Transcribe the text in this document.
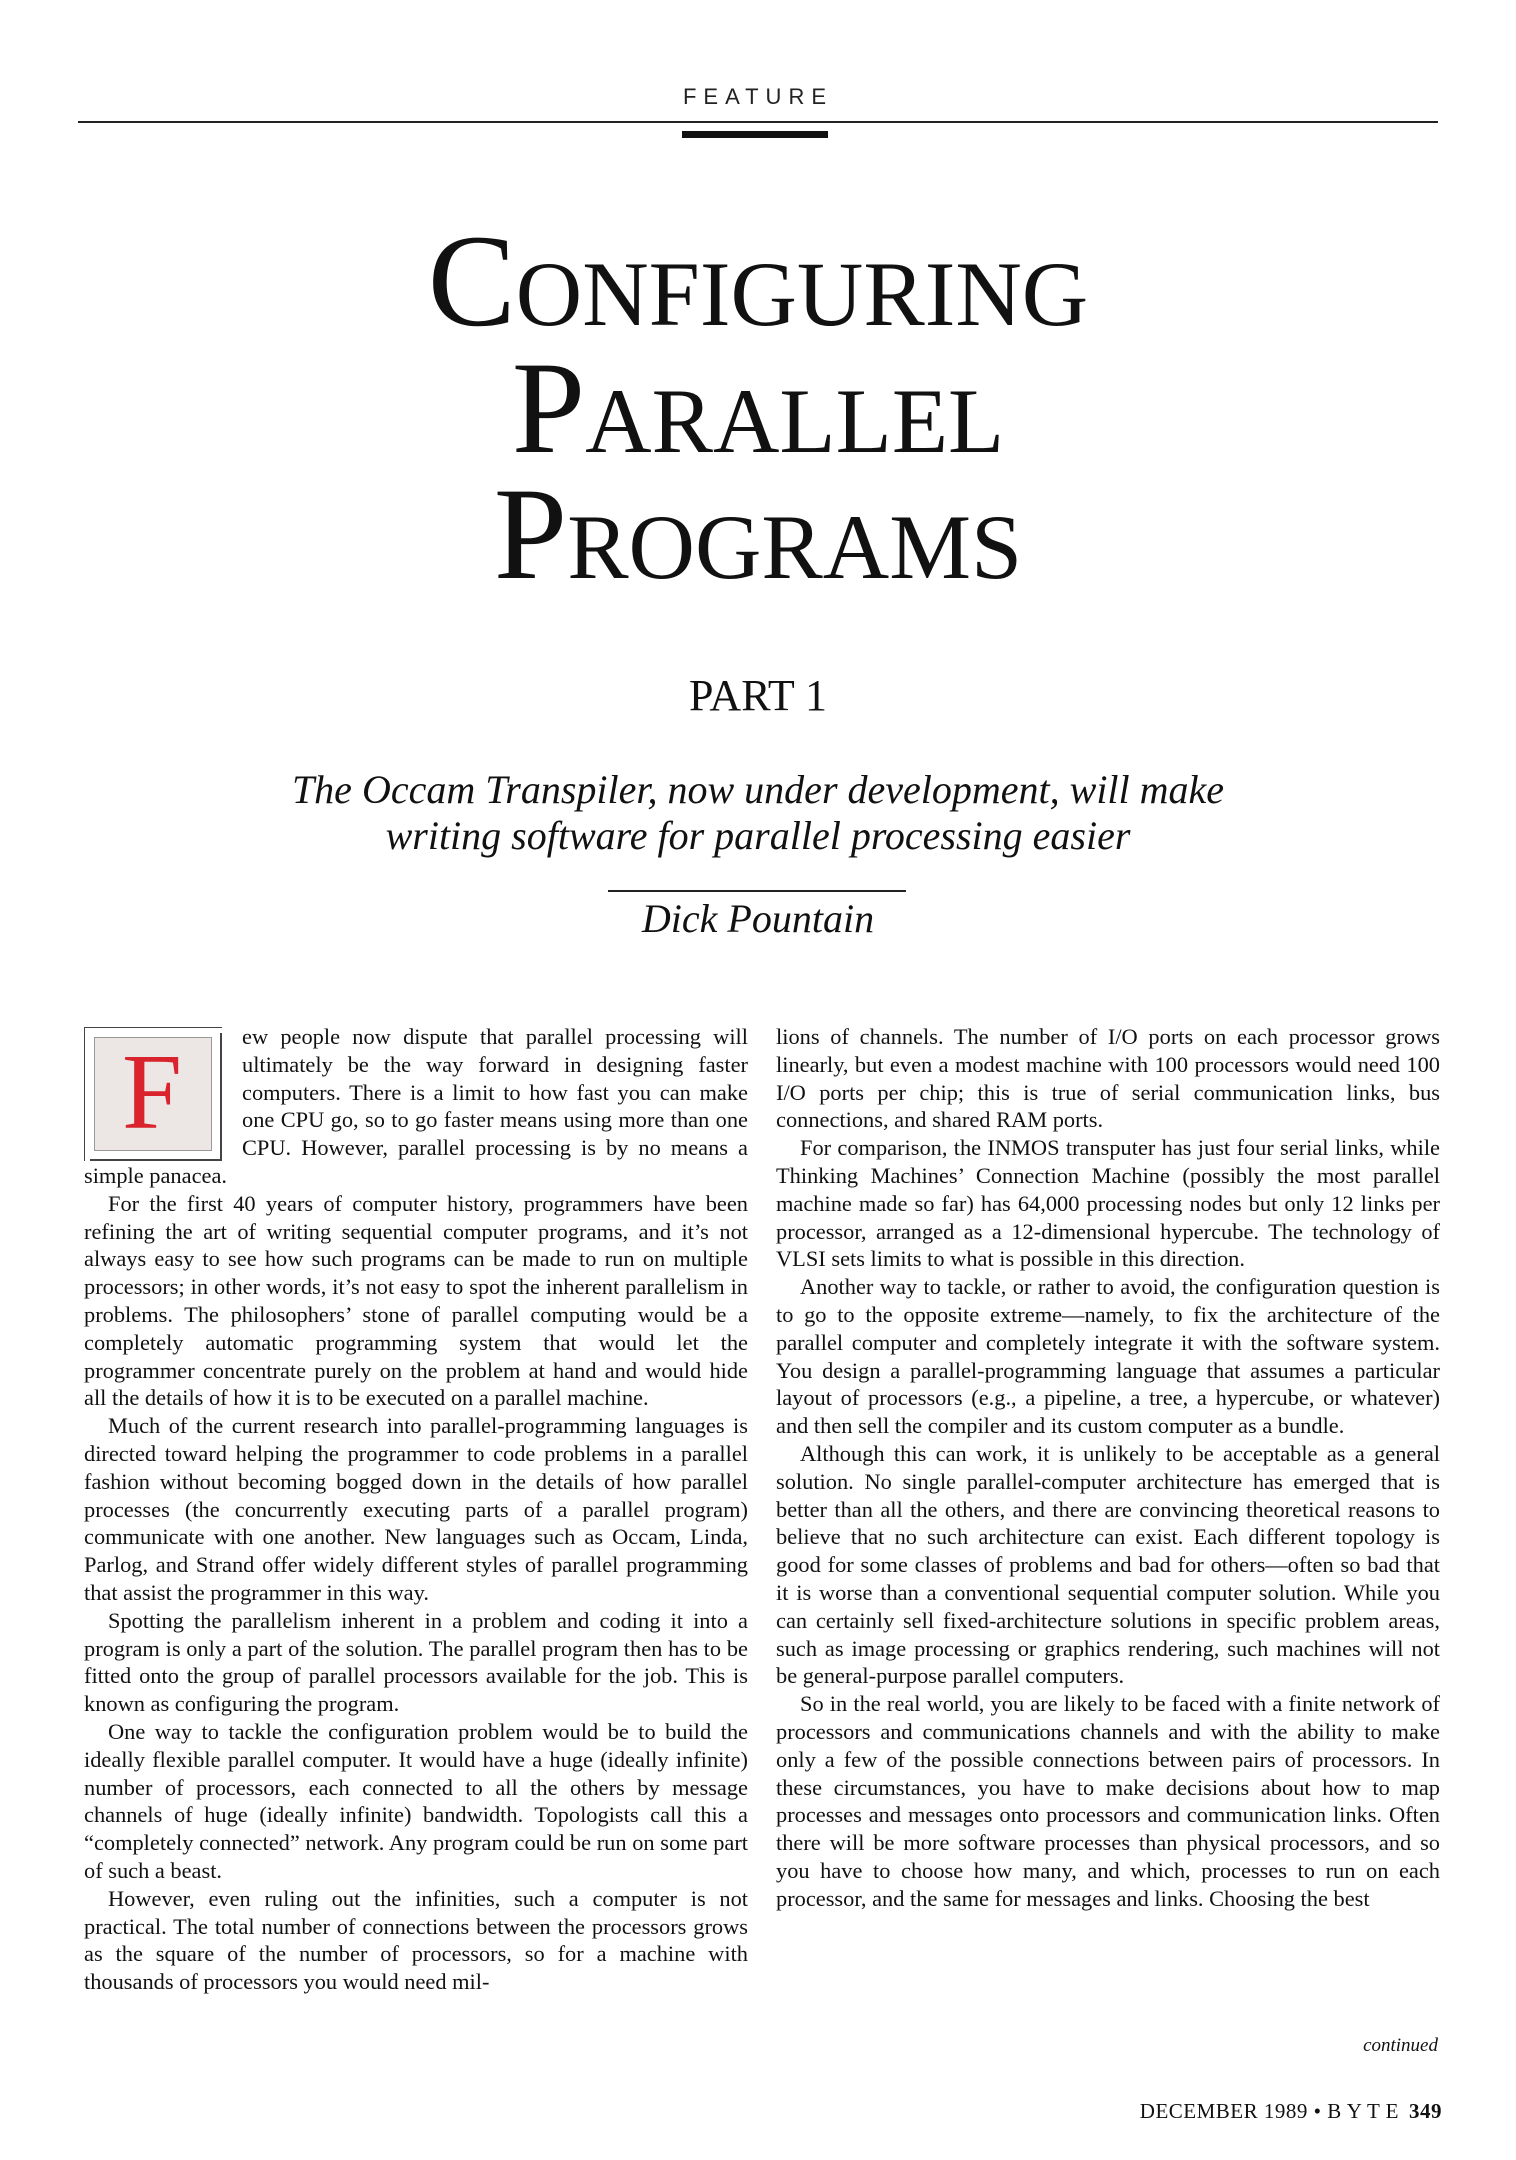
FEATURE
Configuring
Parallel
Programs
PART 1
The Occam Transpiler, now under development, will make
writing software for parallel processing easier
Dick Pountain
F	ew people now dispute that parallel processing will ultimately be the way forward in designing faster computers. There is a limit to how fast you can make one CPU go, so to go faster means using more than one CPU. However, parallel processing is by no means a simple panacea.

For the first 40 years of computer history, programmers have been refining the art of writing sequential computer programs, and it’s not always easy to see how such programs can be made to run on multiple processors; in other words, it’s not easy to spot the inherent parallelism in problems. The philosophers’ stone of parallel computing would be a completely automatic programming system that would let the programmer concentrate purely on the problem at hand and would hide all the details of how it is to be executed on a parallel machine.

Much of the current research into parallel-programming languages is directed toward helping the programmer to code problems in a parallel fashion without becoming bogged down in the details of how parallel processes (the concurrently executing parts of a parallel program) communicate with one another. New languages such as Occam, Linda, Parlog, and Strand offer widely different styles of parallel programming that assist the programmer in this way.

Spotting the parallelism inherent in a problem and coding it into a program is only a part of the solution. The parallel program then has to be fitted onto the group of parallel processors available for the job. This is known as configuring the program.

One way to tackle the configuration problem would be to build the ideally flexible parallel computer. It would have a huge (ideally infinite) number of processors, each connected to all the others by message channels of huge (ideally infinite) bandwidth. Topologists call this a “completely connected” network. Any program could be run on some part of such a beast.

However, even ruling out the infinities, such a computer is not practical. The total number of connections between the processors grows as the square of the number of processors, so for a machine with thousands of processors you would need mil-

lions of channels. The number of I/O ports on each processor grows linearly, but even a modest machine with 100 processors would need 100 I/O ports per chip; this is true of serial communication links, bus connections, and shared RAM ports.

For comparison, the INMOS transputer has just four serial links, while Thinking Machines’ Connection Machine (possibly the most parallel machine made so far) has 64,000 processing nodes but only 12 links per processor, arranged as a 12-dimensional hypercube. The technology of VLSI sets limits to what is possible in this direction.

Another way to tackle, or rather to avoid, the configuration question is to go to the opposite extreme—namely, to fix the architecture of the parallel computer and completely integrate it with the software system. You design a parallel-programming language that assumes a particular layout of processors (e.g., a pipeline, a tree, a hypercube, or whatever) and then sell the compiler and its custom computer as a bundle.

Although this can work, it is unlikely to be acceptable as a general solution. No single parallel-computer architecture has emerged that is better than all the others, and there are convincing theoretical reasons to believe that no such architecture can exist. Each different topology is good for some classes of problems and bad for others—often so bad that it is worse than a conventional sequential computer solution. While you can certainly sell fixed-architecture solutions in specific problem areas, such as image processing or graphics rendering, such machines will not be general-purpose parallel computers.

So in the real world, you are likely to be faced with a finite network of processors and communications channels and with the ability to make only a few of the possible connections between pairs of processors. In these circumstances, you have to make decisions about how to map processes and messages onto processors and communication links. Often there will be more software processes than physical processors, and so you have to choose how many, and which, processes to run on each processor, and the same for messages and links. Choosing the best

continued
DECEMBER 1989 • B Y T E 349
